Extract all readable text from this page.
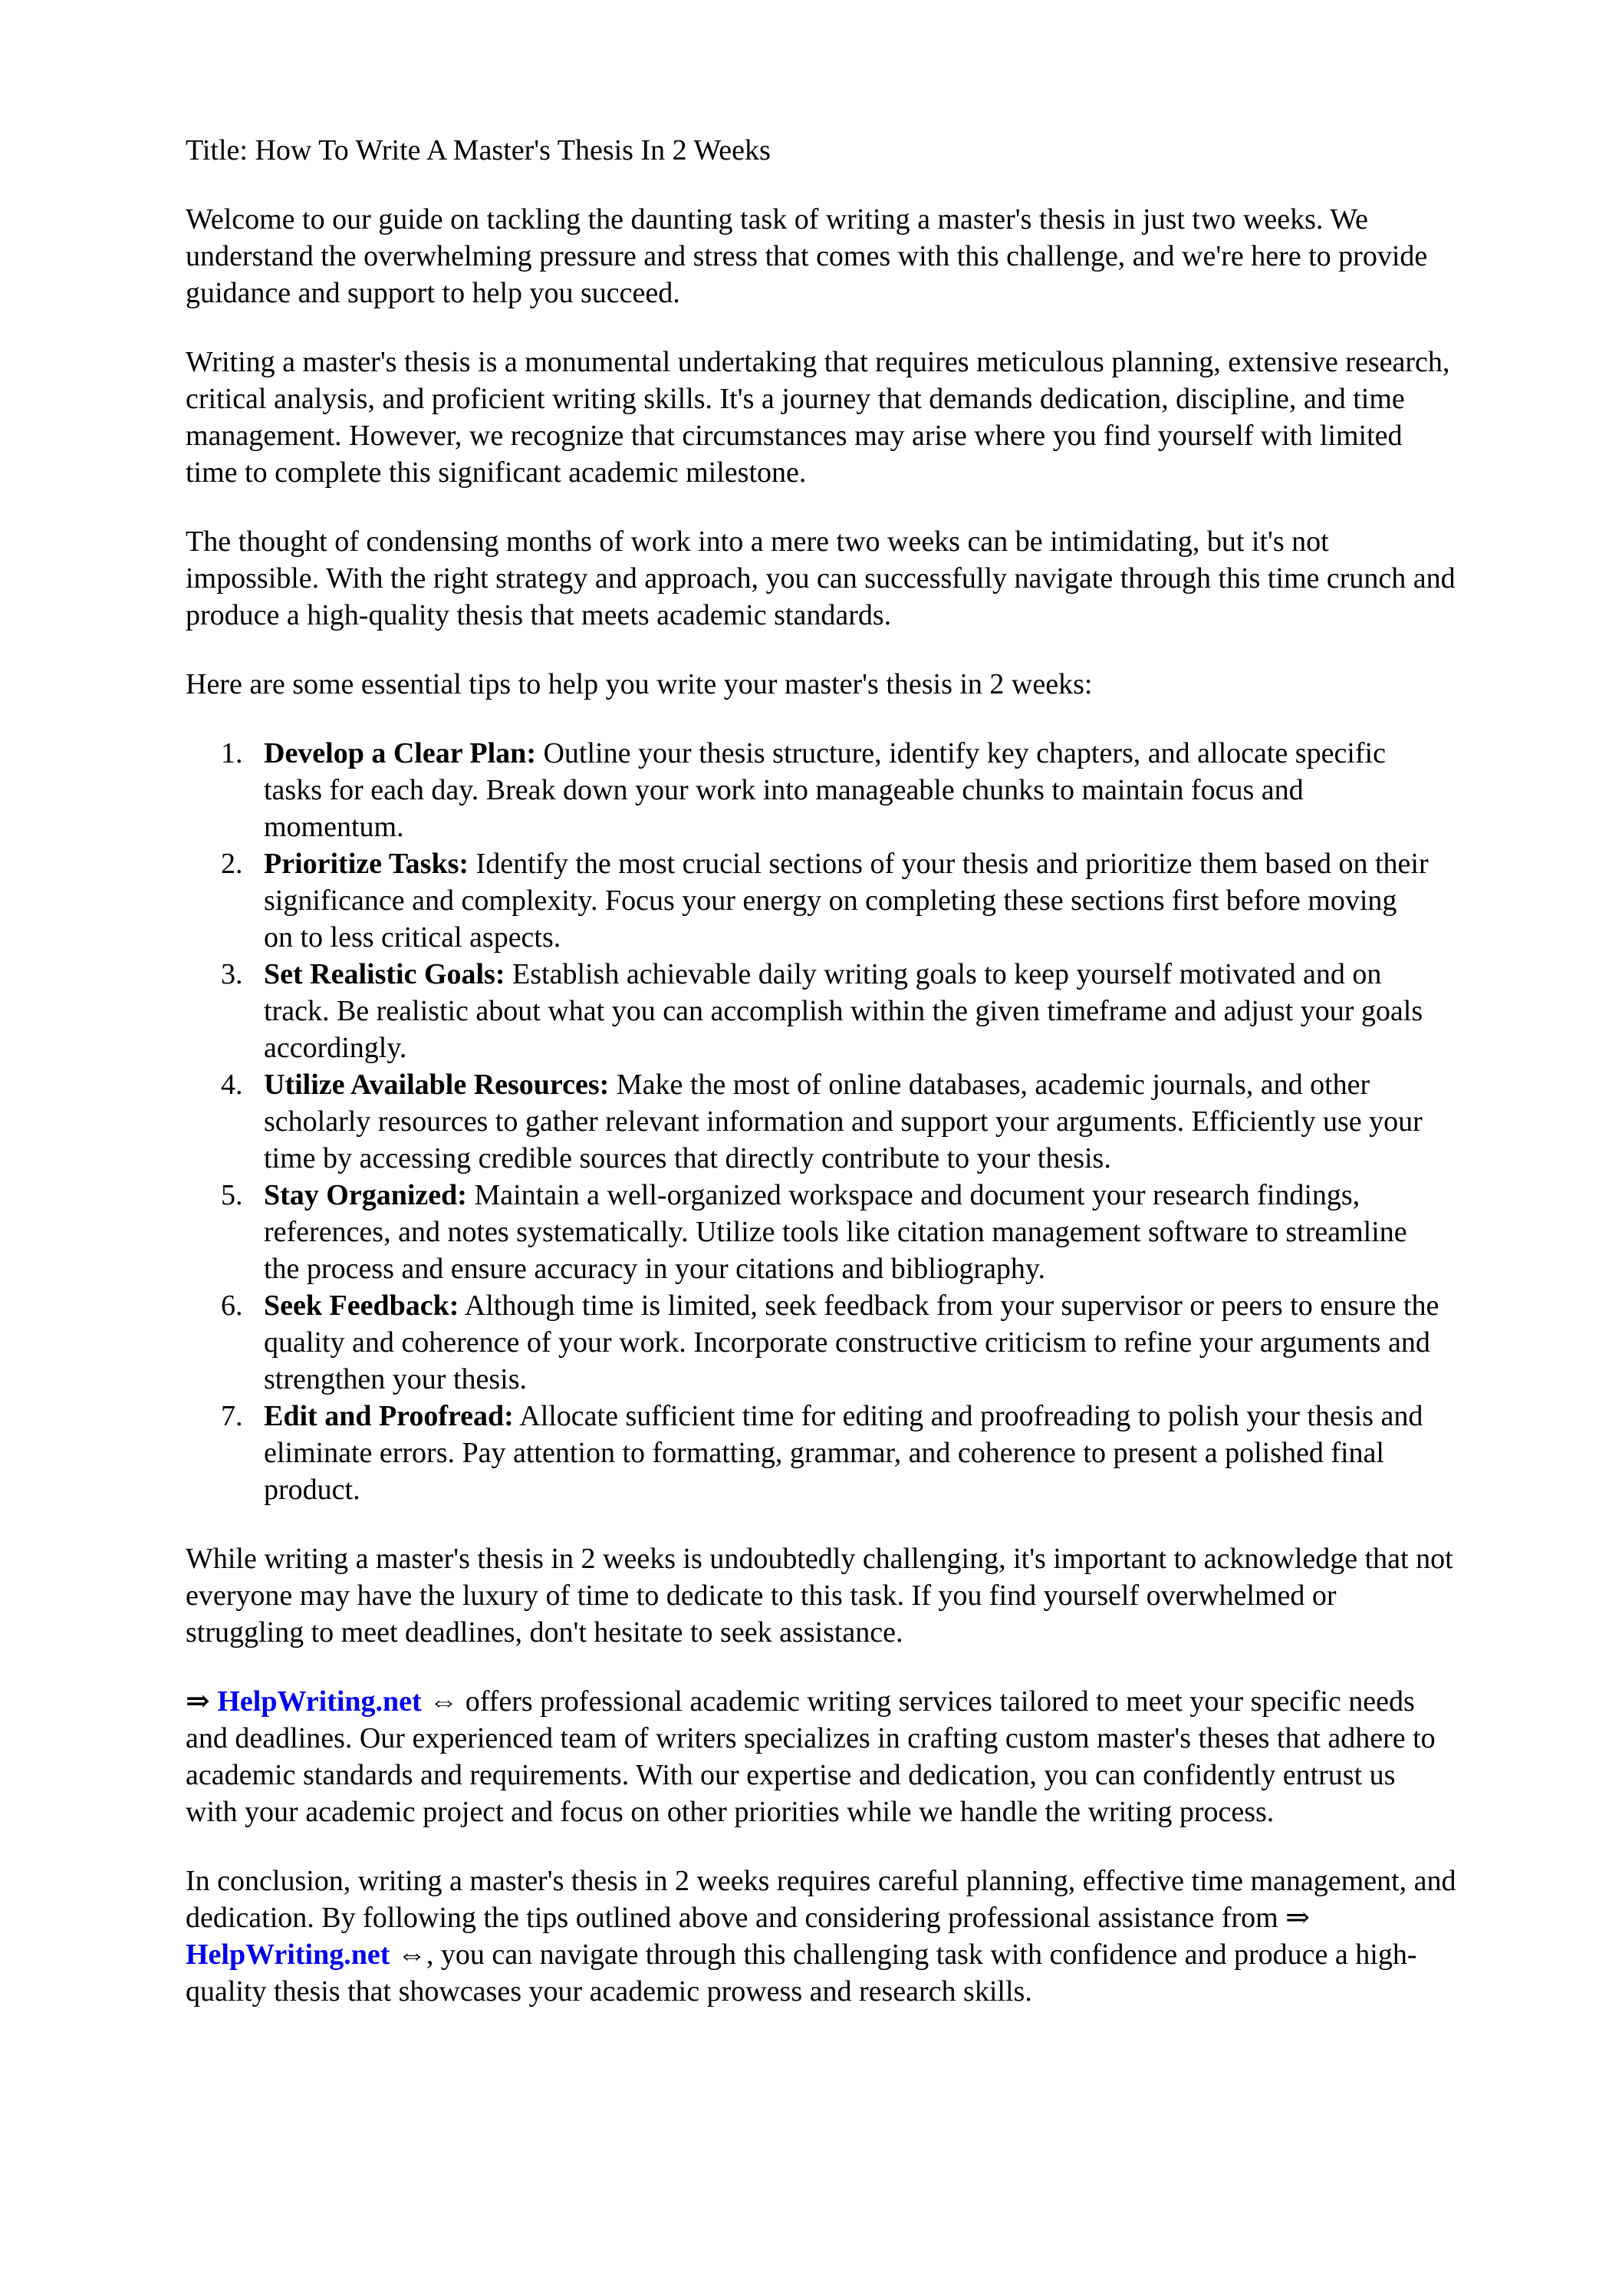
Title: How To Write A Master's Thesis In 2 Weeks

Welcome to our guide on tackling the daunting task of writing a master's thesis in just two weeks. We
understand the overwhelming pressure and stress that comes with this challenge, and we're here to provide
guidance and support to help you succeed.

Writing a master's thesis is a monumental undertaking that requires meticulous planning, extensive research,
critical analysis, and proficient writing skills. It's a journey that demands dedication, discipline, and time
management. However, we recognize that circumstances may arise where you find yourself with limited
time to complete this significant academic milestone.

The thought of condensing months of work into a mere two weeks can be intimidating, but it's not
impossible. With the right strategy and approach, you can successfully navigate through this time crunch and
produce a high-quality thesis that meets academic standards.

Here are some essential tips to help you write your master's thesis in 2 weeks:

1. Develop a Clear Plan: Outline your thesis structure, identify key chapters, and allocate specific
tasks for each day. Break down your work into manageable chunks to maintain focus and
momentum.
2. Prioritize Tasks: Identify the most crucial sections of your thesis and prioritize them based on their
significance and complexity. Focus your energy on completing these sections first before moving
on to less critical aspects.
3. Set Realistic Goals: Establish achievable daily writing goals to keep yourself motivated and on
track. Be realistic about what you can accomplish within the given timeframe and adjust your goals
accordingly.
4. Utilize Available Resources: Make the most of online databases, academic journals, and other
scholarly resources to gather relevant information and support your arguments. Efficiently use your
time by accessing credible sources that directly contribute to your thesis.
5. Stay Organized: Maintain a well-organized workspace and document your research findings,
references, and notes systematically. Utilize tools like citation management software to streamline
the process and ensure accuracy in your citations and bibliography.
6. Seek Feedback: Although time is limited, seek feedback from your supervisor or peers to ensure the
quality and coherence of your work. Incorporate constructive criticism to refine your arguments and
strengthen your thesis.
7. Edit and Proofread: Allocate sufficient time for editing and proofreading to polish your thesis and
eliminate errors. Pay attention to formatting, grammar, and coherence to present a polished final
product.

While writing a master's thesis in 2 weeks is undoubtedly challenging, it's important to acknowledge that not
everyone may have the luxury of time to dedicate to this task. If you find yourself overwhelmed or
struggling to meet deadlines, don't hesitate to seek assistance.

⇒ HelpWriting.net ⇔ offers professional academic writing services tailored to meet your specific needs
and deadlines. Our experienced team of writers specializes in crafting custom master's theses that adhere to
academic standards and requirements. With our expertise and dedication, you can confidently entrust us
with your academic project and focus on other priorities while we handle the writing process.

In conclusion, writing a master's thesis in 2 weeks requires careful planning, effective time management, and
dedication. By following the tips outlined above and considering professional assistance from ⇒
HelpWriting.net ⇔, you can navigate through this challenging task with confidence and produce a high-
quality thesis that showcases your academic prowess and research skills.
